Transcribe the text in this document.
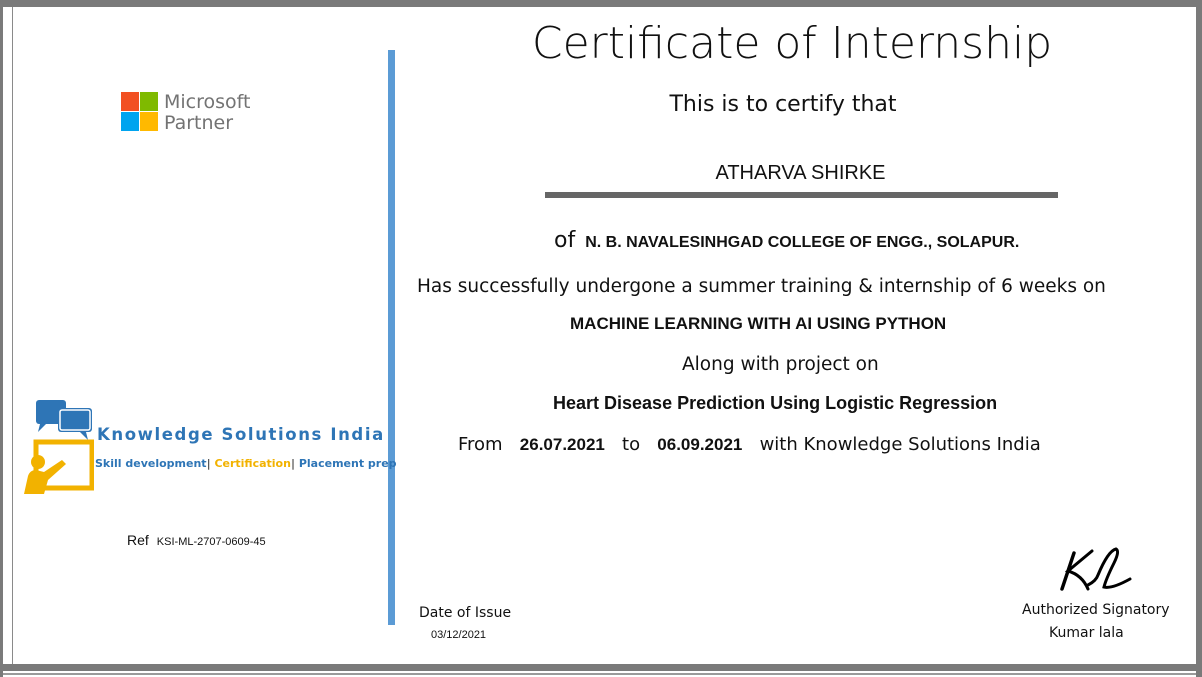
Microsoft
Partner
Knowledge Solutions India
Skill development| Certification| Placement prep
Ref KSI-ML-2707-0609-45
Certificate of Internship
This is to certify that
ATHARVA SHIRKE
of N. B. NAVALESINHGAD COLLEGE OF ENGG., SOLAPUR.
Has successfully undergone a summer training & internship of 6 weeks on
MACHINE LEARNING WITH AI USING PYTHON
Along with project on
Heart Disease Prediction Using Logistic Regression
From 26.07.2021 to 06.09.2021 with Knowledge Solutions India
Date of Issue
03/12/2021
Authorized Signatory
Kumar lala
